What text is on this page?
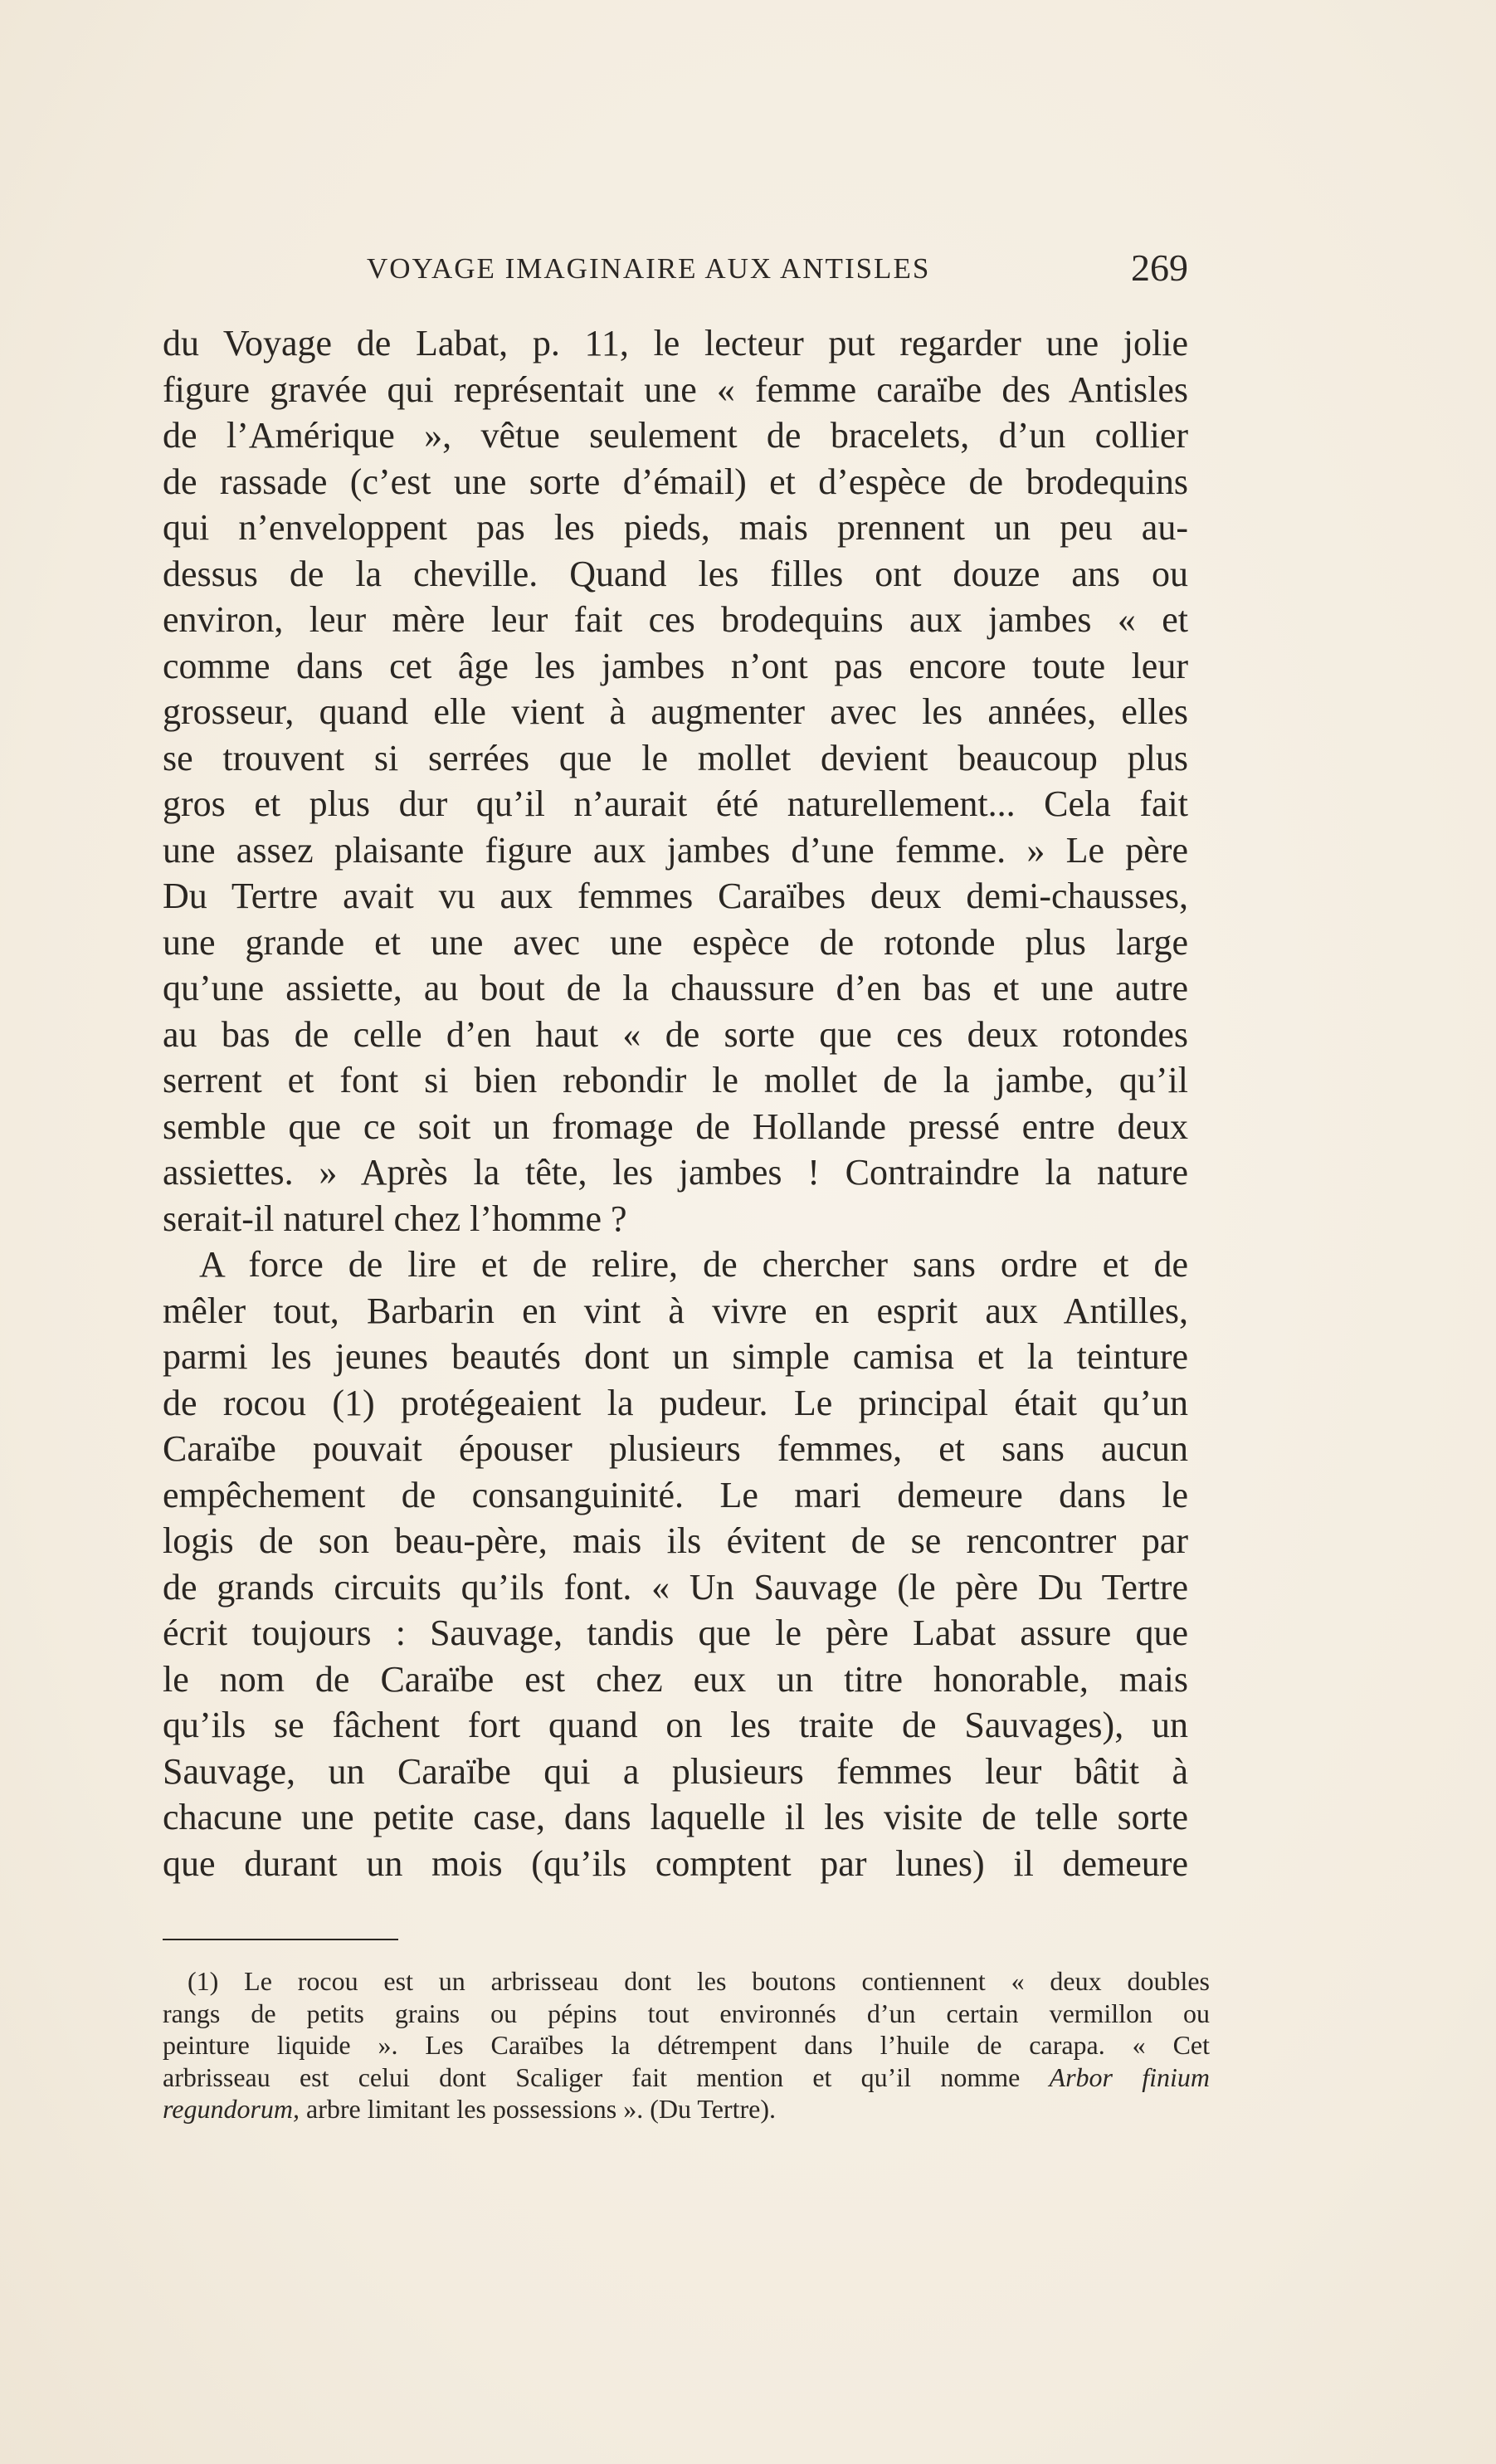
VOYAGE IMAGINAIRE AUX ANTISLES	269
du Voyage de Labat, p. 11, le lecteur put regarder une jolie
figure gravée qui représentait une « femme caraïbe des Antisles
de l’Amérique », vêtue seulement de bracelets, d’un collier
de rassade (c’est une sorte d’émail) et d’espèce de brodequins
qui n’enveloppent pas les pieds, mais prennent un peu au-
dessus de la cheville. Quand les filles ont douze ans ou
environ, leur mère leur fait ces brodequins aux jambes « et
comme dans cet âge les jambes n’ont pas encore toute leur
grosseur, quand elle vient à augmenter avec les années, elles
se trouvent si serrées que le mollet devient beaucoup plus
gros et plus dur qu’il n’aurait été naturellement... Cela fait
une assez plaisante figure aux jambes d’une femme. » Le père
Du Tertre avait vu aux femmes Caraïbes deux demi-chausses,
une grande et une avec une espèce de rotonde plus large
qu’une assiette, au bout de la chaussure d’en bas et une autre
au bas de celle d’en haut « de sorte que ces deux rotondes
serrent et font si bien rebondir le mollet de la jambe, qu’il
semble que ce soit un fromage de Hollande pressé entre deux
assiettes. » Après la tête, les jambes ! Contraindre la nature
serait-il naturel chez l’homme ?
A force de lire et de relire, de chercher sans ordre et de
mêler tout, Barbarin en vint à vivre en esprit aux Antilles,
parmi les jeunes beautés dont un simple camisa et la teinture
de rocou (1) protégeaient la pudeur. Le principal était qu’un
Caraïbe pouvait épouser plusieurs femmes, et sans aucun
empêchement de consanguinité. Le mari demeure dans le
logis de son beau-père, mais ils évitent de se rencontrer par
de grands circuits qu’ils font. « Un Sauvage (le père Du Tertre
écrit toujours : Sauvage, tandis que le père Labat assure que
le nom de Caraïbe est chez eux un titre honorable, mais
qu’ils se fâchent fort quand on les traite de Sauvages), un
Sauvage, un Caraïbe qui a plusieurs femmes leur bâtit à
chacune une petite case, dans laquelle il les visite de telle sorte
que durant un mois (qu’ils comptent par lunes) il demeure
(1) Le rocou est un arbrisseau dont les boutons contiennent « deux doubles
rangs de petits grains ou pépins tout environnés d’un certain vermillon ou
peinture liquide ». Les Caraïbes la détrempent dans l’huile de carapa. « Cet
arbrisseau est celui dont Scaliger fait mention et qu’il nomme Arbor finium
regundorum, arbre limitant les possessions ». (Du Tertre).
